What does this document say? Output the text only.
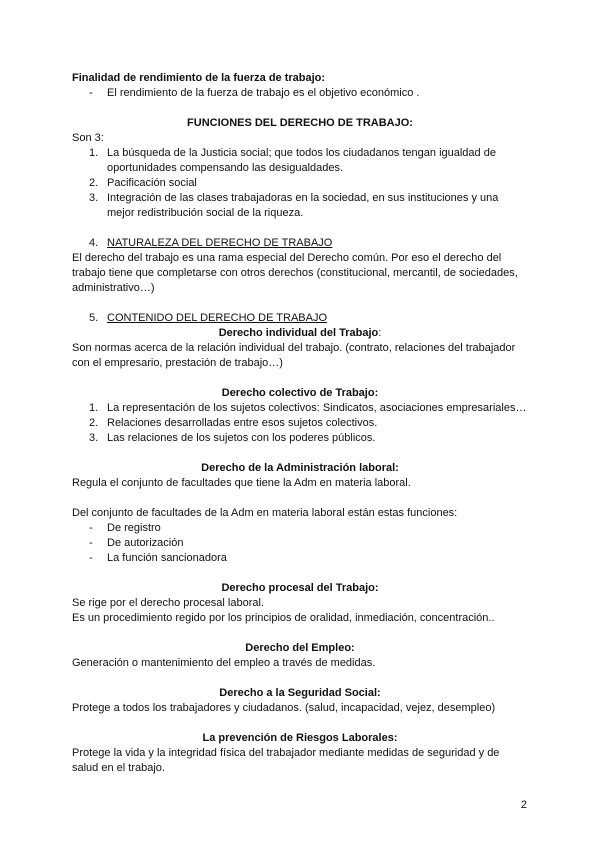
Finalidad de rendimiento de la fuerza de trabajo:

- El rendimiento de la fuerza de trabajo es el objetivo económico .

FUNCIONES DEL DERECHO DE TRABAJO:

Son 3:

1. La búsqueda de la Justicia social; que todos los ciudadanos tengan igualdad de oportunidades compensando las desigualdades.
2. Pacificación social
3. Integración de las clases trabajadoras en la sociedad, en sus instituciones y una mejor redistribución social de la riqueza.
4. NATURALEZA DEL DERECHO DE TRABAJO

El derecho del trabajo es una rama especial del Derecho común. Por eso el derecho del trabajo tiene que completarse con otros derechos (constitucional, mercantil, de sociedades, administrativo…)

5. CONTENIDO DEL DERECHO DE TRABAJO

Derecho individual del Trabajo:

Son normas acerca de la relación individual del trabajo. (contrato, relaciones del trabajador con el empresario, prestación de trabajo…)

Derecho colectivo de Trabajo:

1. La representación de los sujetos colectivos: Sindicatos, asociaciones empresariales…
2. Relaciones desarrolladas entre esos sujetos colectivos.
3. Las relaciones de los sujetos con los poderes públicos.

Derecho de la Administración laboral:

Regula el conjunto de facultades que tiene la Adm en materia laboral.

Del conjunto de facultades de la Adm en materia laboral están estas funciones:

- De registro
- De autorización
- La función sancionadora

Derecho procesal del Trabajo:

Se rige por el derecho procesal laboral.

Es un procedimiento regido por los principios de oralidad, inmediación, concentración..

Derecho del Empleo:

Generación o mantenimiento del empleo a través de medidas.

Derecho a la Seguridad Social:

Protege a todos los trabajadores y ciudadanos. (salud, incapacidad, vejez, desempleo)

La prevención de Riesgos Laborales:

Protege la vida y la integridad física del trabajador mediante medidas de seguridad y de salud en el trabajo.

2
